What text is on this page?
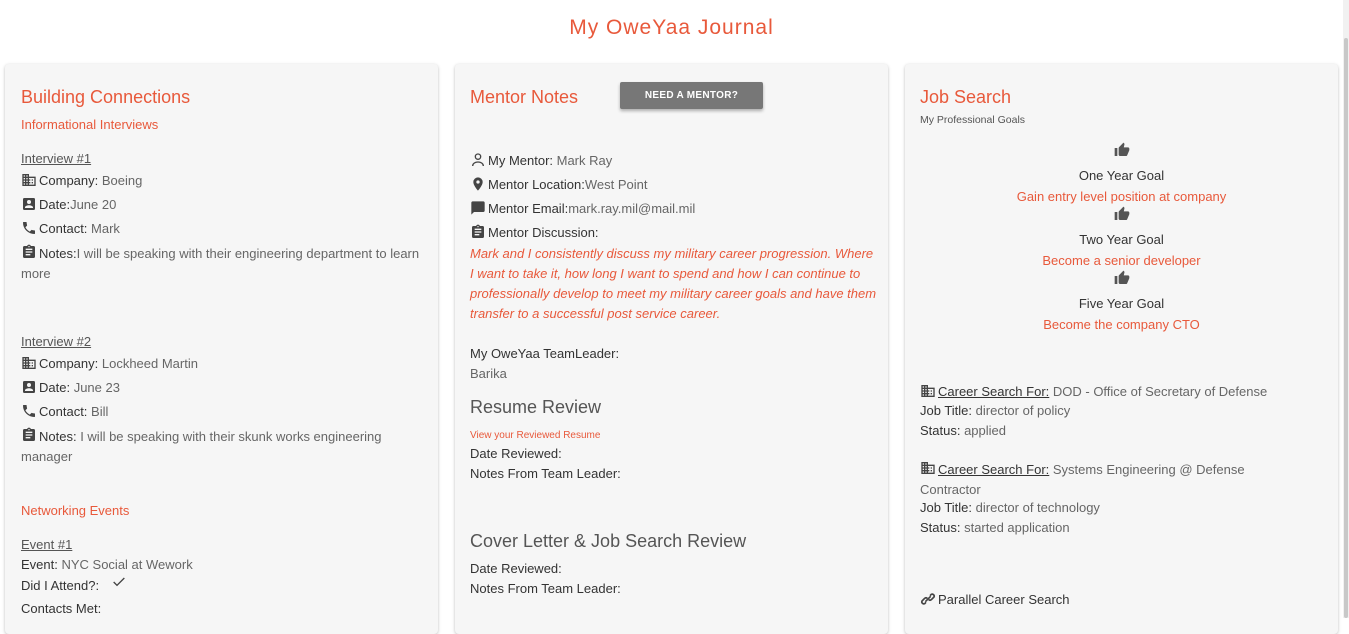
My OweYaa Journal
Building Connections
Informational Interviews
Interview #1
Company: Boeing
Date: June 20
Contact: Mark
Notes:I will be speaking with their engineering department to learn more
Interview #2
Company: Lockheed Martin
Date: June 23
Contact: Bill
Notes: I will be speaking with their skunk works engineering manager
Networking Events
Event #1
Event: NYC Social at Wework
Did I Attend?:
Contacts Met:
Mentor Notes	NEED A MENTOR?
My Mentor: Mark Ray
Mentor Location: West Point
Mentor Email: mark.ray.mil@mail.mil
Mentor Discussion:
Mark and I consistently discuss my military career progression. Where I want to take it, how long I want to spend and how I can continue to professionally develop to meet my military career goals and have them transfer to a successful post service career.
My OweYaa TeamLeader:
Barika
Resume Review
View your Reviewed Resume
Date Reviewed:
Notes From Team Leader:
Cover Letter & Job Search Review
Date Reviewed:
Notes From Team Leader:
Job Search
My Professional Goals
One Year Goal
Gain entry level position at company
Two Year Goal
Become a senior developer
Five Year Goal
Become the company CTO
Career Search For: DOD - Office of Secretary of Defense
Job Title: director of policy
Status: applied
Career Search For: Systems Engineering @ Defense Contractor
Job Title: director of technology
Status: started application
Parallel Career Search
